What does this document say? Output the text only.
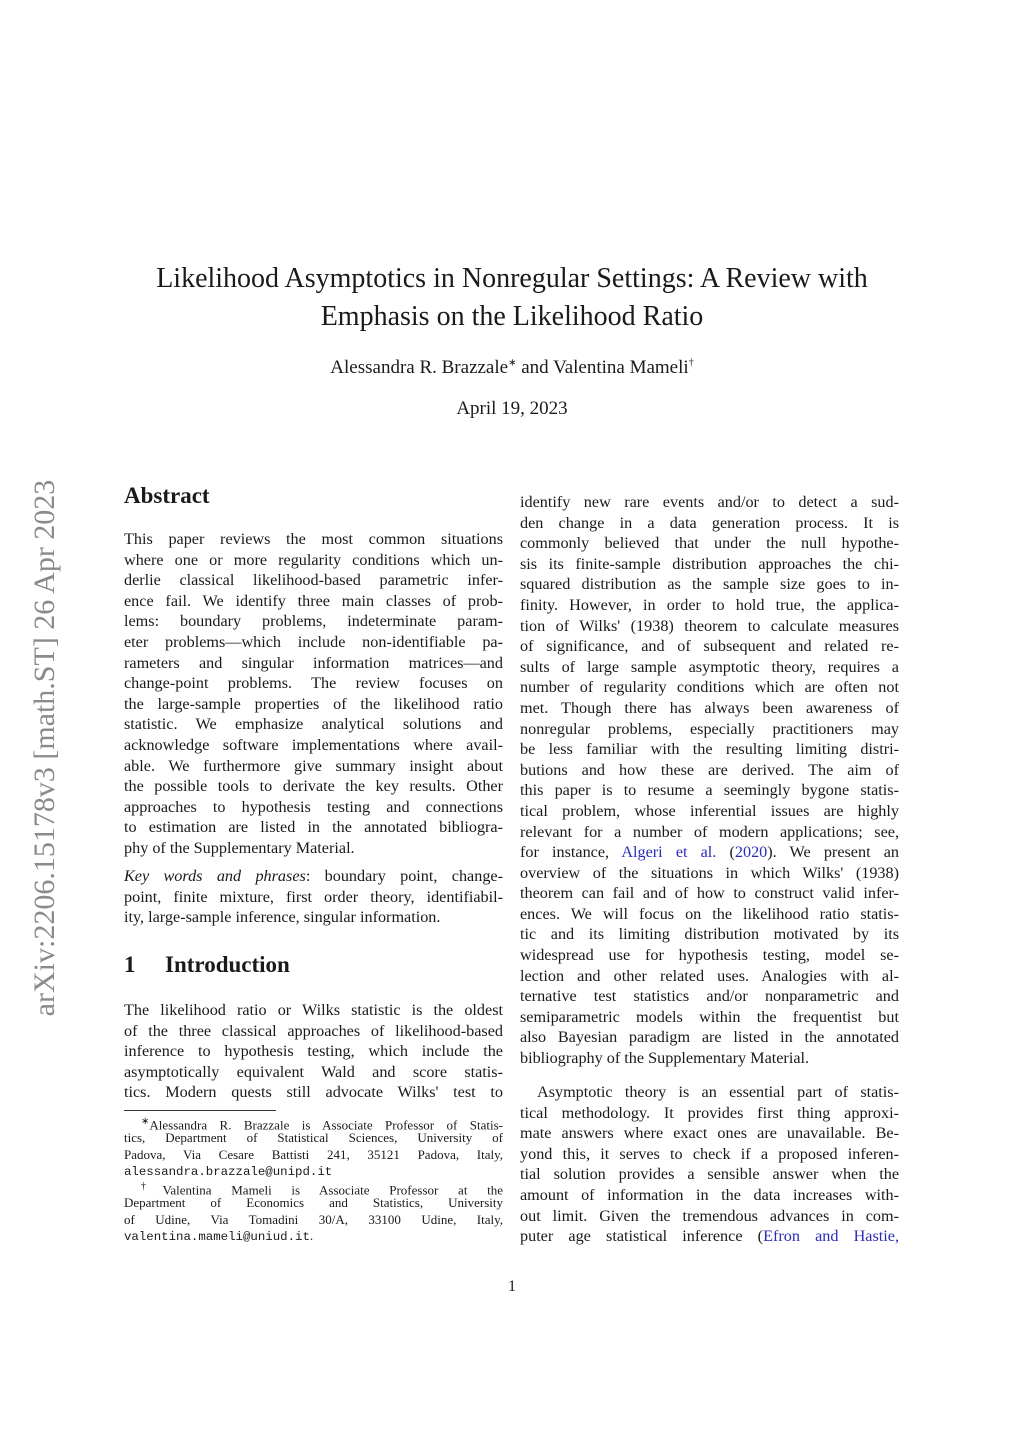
arXiv:2206.15178v3 [math.ST] 26 Apr 2023
Likelihood Asymptotics in Nonregular Settings: A Review with
Emphasis on the Likelihood Ratio
Alessandra R. Brazzale∗ and Valentina Mameli†
April 19, 2023
Abstract
This paper reviews the most common situations
where one or more regularity conditions which un-
derlie classical likelihood-based parametric infer-
ence fail. We identify three main classes of prob-
lems: boundary problems, indeterminate param-
eter problems—which include non-identifiable pa-
rameters and singular information matrices—and
change-point problems. The review focuses on
the large-sample properties of the likelihood ratio
statistic. We emphasize analytical solutions and
acknowledge software implementations where avail-
able. We furthermore give summary insight about
the possible tools to derivate the key results. Other
approaches to hypothesis testing and connections
to estimation are listed in the annotated bibliogra-
phy of the Supplementary Material.
Key words and phrases: boundary point, change-
point, finite mixture, first order theory, identifiabil-
ity, large-sample inference, singular information.
1 Introduction
The likelihood ratio or Wilks statistic is the oldest
of the three classical approaches of likelihood-based
inference to hypothesis testing, which include the
asymptotically equivalent Wald and score statis-
tics. Modern quests still advocate Wilks' test to
∗Alessandra R. Brazzale is Associate Professor of Statis-
tics, Department of Statistical Sciences, University of
Padova, Via Cesare Battisti 241, 35121 Padova, Italy,
alessandra.brazzale@unipd.it
†Valentina Mameli is Associate Professor at the
Department of Economics and Statistics, University
of Udine, Via Tomadini 30/A, 33100 Udine, Italy,
valentina.mameli@uniud.it.
identify new rare events and/or to detect a sud-
den change in a data generation process. It is
commonly believed that under the null hypothe-
sis its finite-sample distribution approaches the chi-
squared distribution as the sample size goes to in-
finity. However, in order to hold true, the applica-
tion of Wilks' (1938) theorem to calculate measures
of significance, and of subsequent and related re-
sults of large sample asymptotic theory, requires a
number of regularity conditions which are often not
met. Though there has always been awareness of
nonregular problems, especially practitioners may
be less familiar with the resulting limiting distri-
butions and how these are derived. The aim of
this paper is to resume a seemingly bygone statis-
tical problem, whose inferential issues are highly
relevant for a number of modern applications; see,
for instance, Algeri et al. (2020). We present an
overview of the situations in which Wilks' (1938)
theorem can fail and of how to construct valid infer-
ences. We will focus on the likelihood ratio statis-
tic and its limiting distribution motivated by its
widespread use for hypothesis testing, model se-
lection and other related uses. Analogies with al-
ternative test statistics and/or nonparametric and
semiparametric models within the frequentist but
also Bayesian paradigm are listed in the annotated
bibliography of the Supplementary Material.
Asymptotic theory is an essential part of statis-
tical methodology. It provides first thing approxi-
mate answers where exact ones are unavailable. Be-
yond this, it serves to check if a proposed inferen-
tial solution provides a sensible answer when the
amount of information in the data increases with-
out limit. Given the tremendous advances in com-
puter age statistical inference (Efron and Hastie,
1
